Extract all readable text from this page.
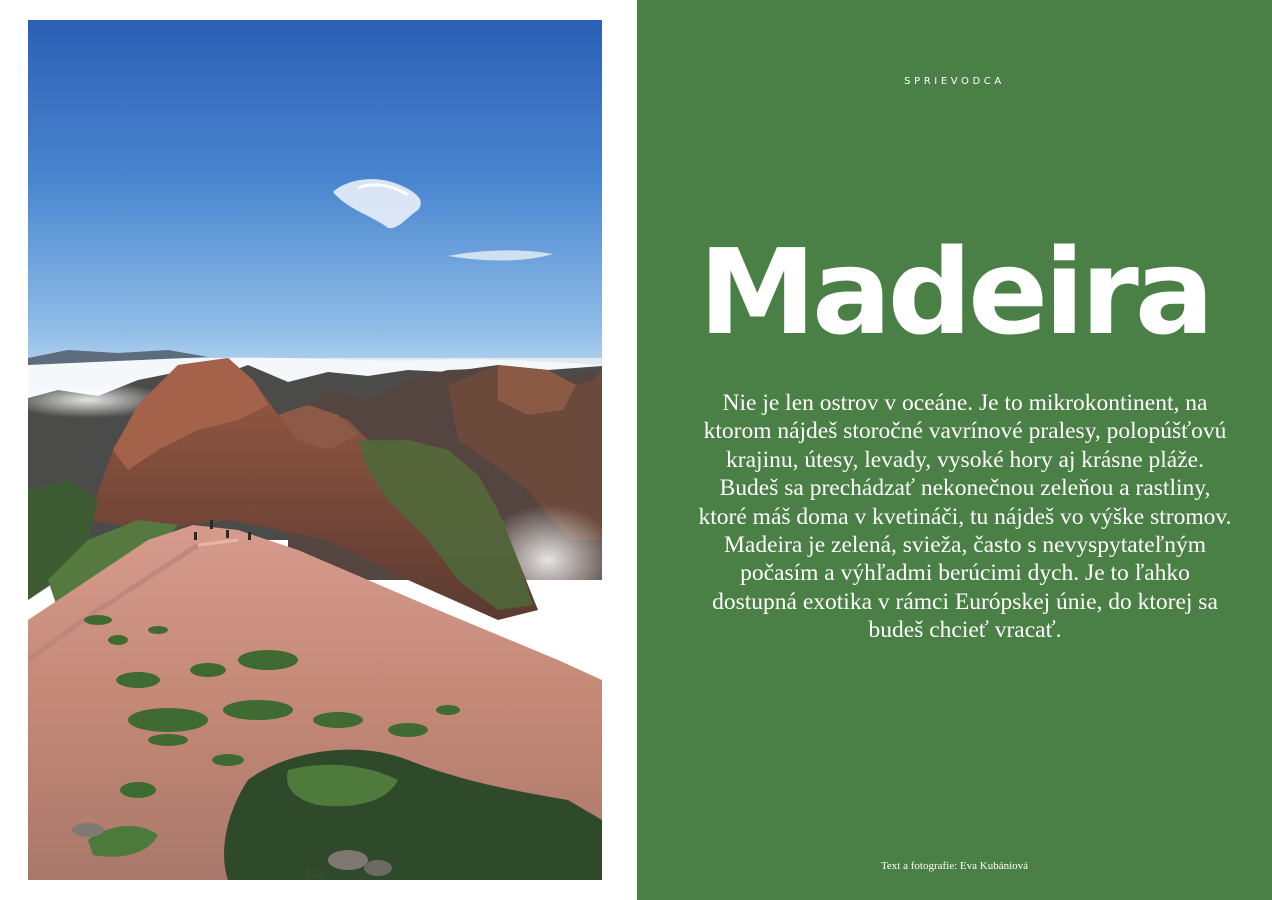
132
SPRIEVODCA
Madeira
Nie je len ostrov v oceáne. Je to mikrokontinent, na ktorom nájdeš storočné vavrínové pralesy, polopúšťovú krajinu, útesy, levady, vysoké hory aj krásne pláže. Budeš sa prechádzať nekonečnou zeleňou a rastliny, ktoré máš doma v kvetináči, tu nájdeš vo výške stromov. Madeira je zelená, svieža, často s nevyspytateľným počasím a výhľadmi berúcimi dych. Je to ľahko dostupná exotika v rámci Európskej únie, do ktorej sa budeš chcieť vracať.
Text a fotografie: Eva Kubániová
